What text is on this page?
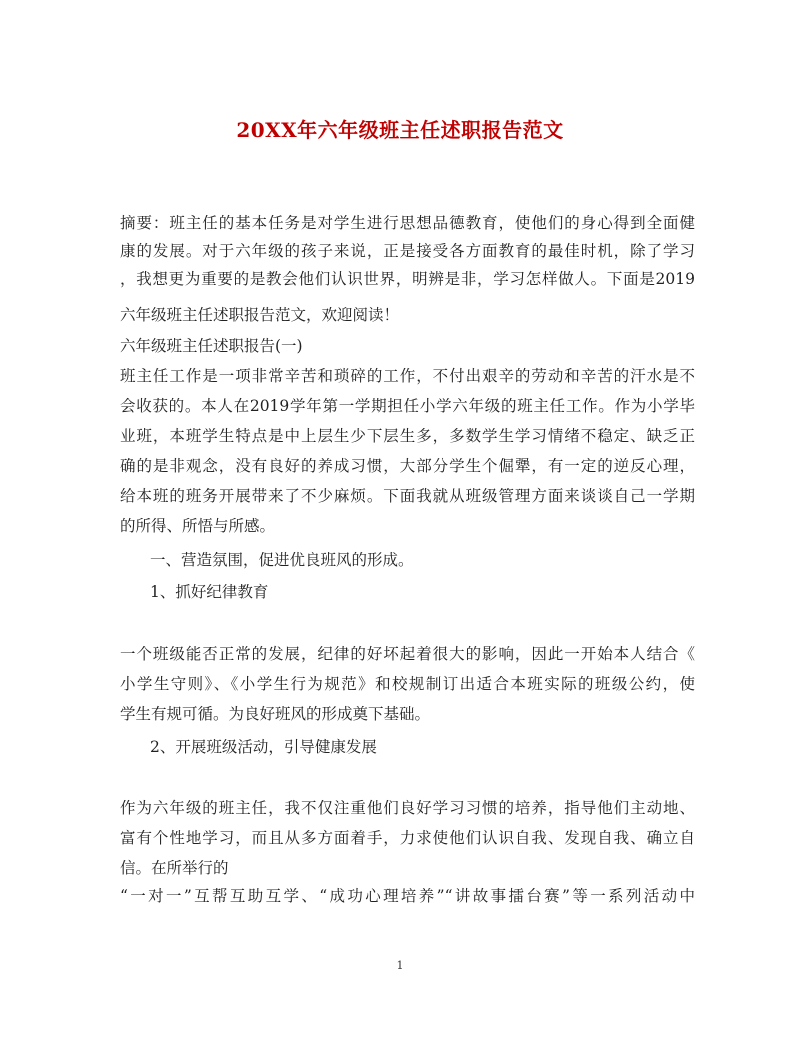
20XX年六年级班主任述职报告范文

摘要：班主任的基本任务是对学生进行思想品德教育，使他们的身心得到全面健

康的发展。对于六年级的孩子来说，正是接受各方面教育的最佳时机，除了学习

，我想更为重要的是教会他们认识世界，明辨是非，学习怎样做人。下面是2019

六年级班主任述职报告范文，欢迎阅读！

六年级班主任述职报告(一)

班主任工作是一项非常辛苦和琐碎的工作，不付出艰辛的劳动和辛苦的汗水是不

会收获的。本人在2019学年第一学期担任小学六年级的班主任工作。作为小学毕

业班，本班学生特点是中上层生少下层生多，多数学生学习情绪不稳定、缺乏正

确的是非观念，没有良好的养成习惯，大部分学生个倔犟，有一定的逆反心理，

给本班的班务开展带来了不少麻烦。下面我就从班级管理方面来谈谈自己一学期

的所得、所悟与所感。

一、营造氛围，促进优良班风的形成。

1、抓好纪律教育

一个班级能否正常的发展，纪律的好坏起着很大的影响，因此一开始本人结合《

小学生守则》、《小学生行为规范》和校规制订出适合本班实际的班级公约，使

学生有规可循。为良好班风的形成奠下基础。

2、开展班级活动，引导健康发展

作为六年级的班主任，我不仅注重他们良好学习习惯的培养，指导他们主动地、

富有个性地学习，而且从多方面着手，力求使他们认识自我、发现自我、确立自

信。在所举行的

“一对一”互帮互助互学、“成功心理培养”“讲故事擂台赛”等一系列活动中

1
